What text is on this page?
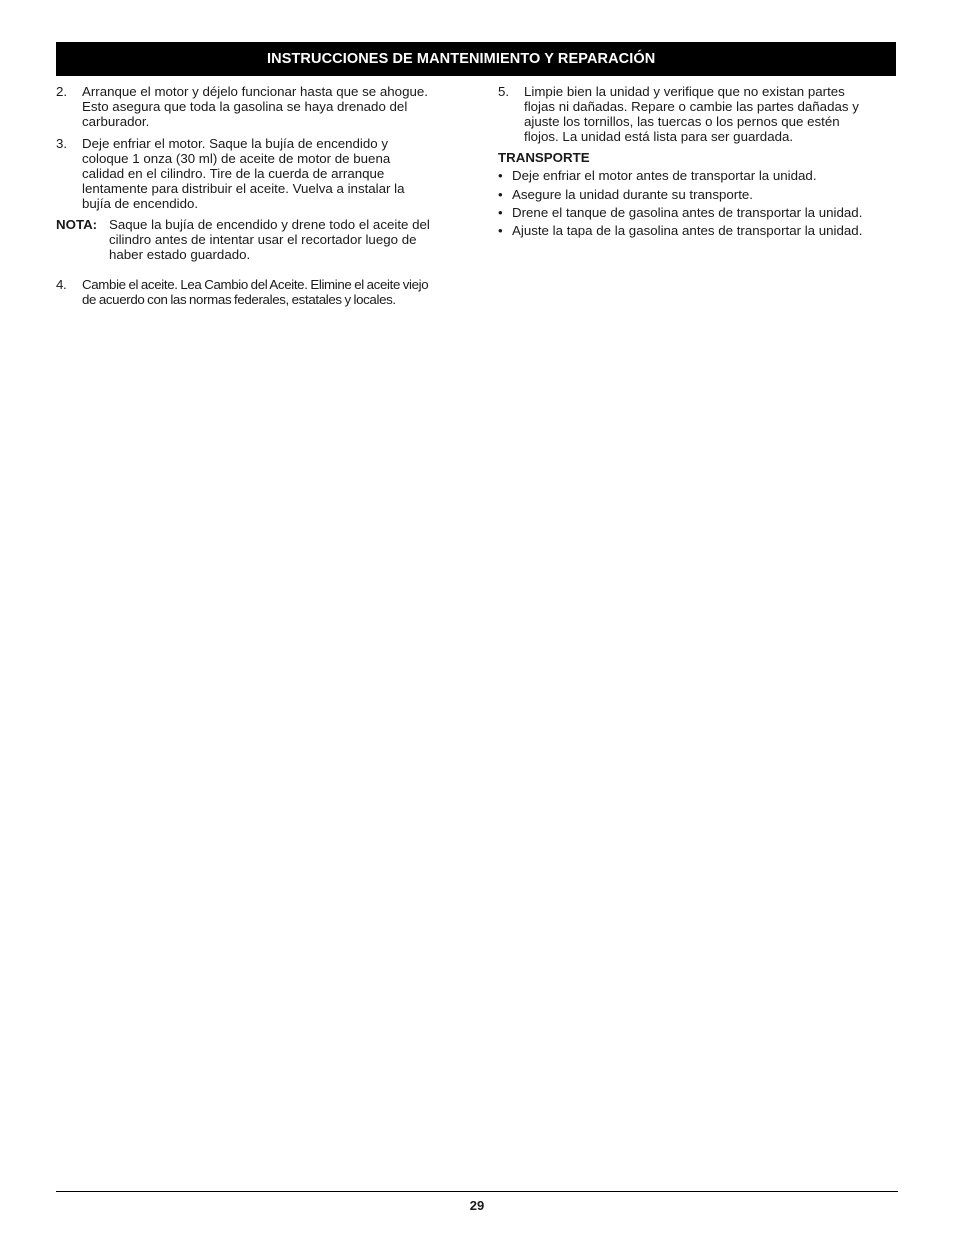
INSTRUCCIONES DE MANTENIMIENTO Y REPARACIÓN
2. Arranque el motor y déjelo funcionar hasta que se ahogue.
Esto asegura que toda la gasolina se haya drenado del
carburador.
3. Deje enfriar el motor. Saque la bujía de encendido y
coloque 1 onza (30 ml) de aceite de motor de buena
calidad en el cilindro. Tire de la cuerda de arranque
lentamente para distribuir el aceite. Vuelva a instalar la
bujía de encendido.
NOTA: Saque la bujía de encendido y drene todo el aceite del
cilindro antes de intentar usar el recortador luego de
haber estado guardado.
4. Cambie el aceite. Lea Cambio del Aceite. Elimine el aceite viejo
de acuerdo con las normas federales, estatales y locales.
5. Limpie bien la unidad y verifique que no existan partes
flojas ni dañadas. Repare o cambie las partes dañadas y
ajuste los tornillos, las tuercas o los pernos que estén
flojos. La unidad está lista para ser guardada.

TRANSPORTE

• Deje enfriar el motor antes de transportar la unidad.
• Asegure la unidad durante su transporte.
• Drene el tanque de gasolina antes de transportar la unidad.
• Ajuste la tapa de la gasolina antes de transportar la unidad.
29
